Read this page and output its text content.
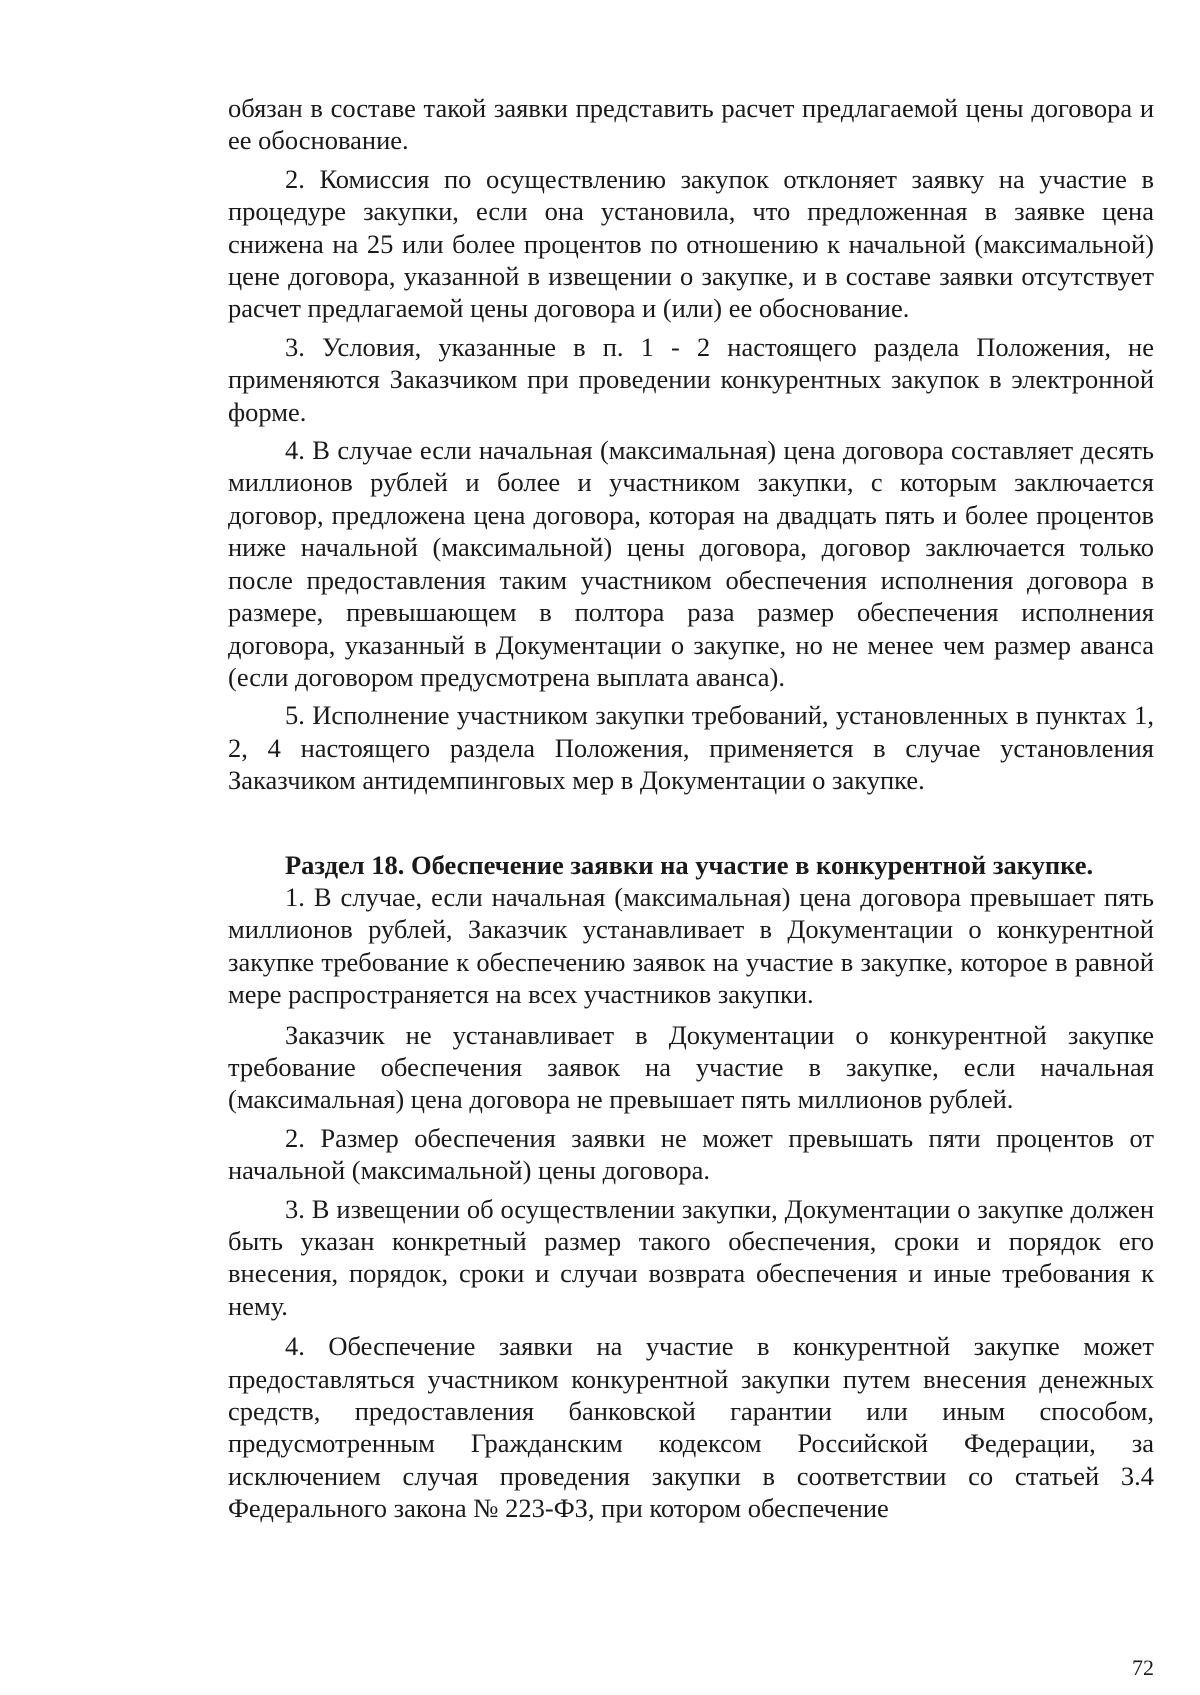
обязан в составе такой заявки представить расчет предлагаемой цены договора и ее обоснование.

2. Комиссия по осуществлению закупок отклоняет заявку на участие в процедуре закупки, если она установила, что предложенная в заявке цена снижена на 25 или более процентов по отношению к начальной (максимальной) цене договора, указанной в извещении о закупке, и в составе заявки отсутствует расчет предлагаемой цены договора и (или) ее обоснование.

3. Условия, указанные в п. 1 - 2 настоящего раздела Положения, не применяются Заказчиком при проведении конкурентных закупок в электронной форме.

4. В случае если начальная (максимальная) цена договора составляет десять миллионов рублей и более и участником закупки, с которым заключается договор, предложена цена договора, которая на двадцать пять и более процентов ниже начальной (максимальной) цены договора, договор заключается только после предоставления таким участником обеспечения исполнения договора в размере, превышающем в полтора раза размер обеспечения исполнения договора, указанный в Документации о закупке, но не менее чем размер аванса (если договором предусмотрена выплата аванса).

5. Исполнение участником закупки требований, установленных в пунктах 1, 2, 4 настоящего раздела Положения, применяется в случае установления Заказчиком антидемпинговых мер в Документации о закупке.

Раздел 18. Обеспечение заявки на участие в конкурентной закупке.

1. В случае, если начальная (максимальная) цена договора превышает пять миллионов рублей, Заказчик устанавливает в Документации о конкурентной закупке требование к обеспечению заявок на участие в закупке, которое в равной мере распространяется на всех участников закупки.

Заказчик не устанавливает в Документации о конкурентной закупке требование обеспечения заявок на участие в закупке, если начальная (максимальная) цена договора не превышает пять миллионов рублей.

2. Размер обеспечения заявки не может превышать пяти процентов от начальной (максимальной) цены договора.

3. В извещении об осуществлении закупки, Документации о закупке должен быть указан конкретный размер такого обеспечения, сроки и порядок его внесения, порядок, сроки и случаи возврата обеспечения и иные требования к нему.

4. Обеспечение заявки на участие в конкурентной закупке может предоставляться участником конкурентной закупки путем внесения денежных средств, предоставления банковской гарантии или иным способом, предусмотренным Гражданским кодексом Российской Федерации, за исключением случая проведения закупки в соответствии со статьей 3.4 Федерального закона № 223-ФЗ, при котором обеспечение

72
